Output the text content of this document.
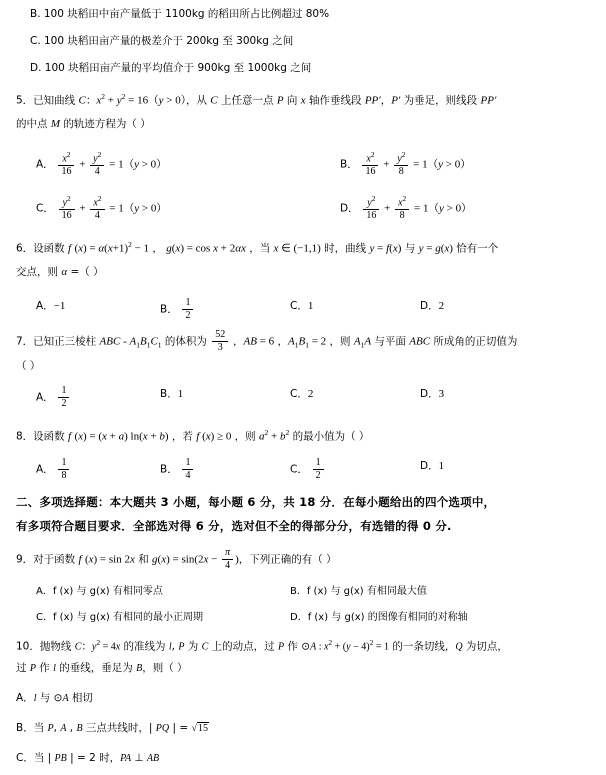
B. 100 块稻田中亩产量低于 1100kg 的稻田所占比例超过 80%
C. 100 块稻田亩产量的极差介于 200kg 至 300kg 之间
D. 100 块稻田亩产量的平均值介于 900kg 至 1000kg 之间
5．已知曲线 C：$x^2 + y^2 = 16(y > 0)$，从 C 上任意一点 P 向 x 轴作垂线段 PP′，P′ 为垂足，则线段 PP′
的中点 M 的轨迹方程为（ ）
A． $\frac{x^2}{16} + \frac{y^2}{4} = 1(y > 0)$	B． $\frac{x^2}{16} + \frac{y^2}{8} = 1(y > 0)$
C． $\frac{y^2}{16} + \frac{x^2}{4} = 1(y > 0)$	D． $\frac{y^2}{16} + \frac{x^2}{8} = 1(y > 0)$
6．设函数 f $(x) = \alpha(x+1)^2 - 1$ ， g(x) = cos x + 2αx ，当 x ∈ (−1,1) 时，曲线 y = f(x) 与 y = g(x) 恰有一个
交点，则 α =（ ）
A．−1	B． $\frac{1}{2}$	C．1	D．2
7．已知正三棱柱 ABC - $A_1B_1C_1$ 的体积为 $\frac{52}{3}$ ，AB = 6 ，$A_1B_1 = 2$ ，则 $A_1A$ 与平面 ABC 所成角的正切值为
（ ）
A． $\frac{1}{2}$	B．1	C．2	D．3
8．设函数 f (x) = (x + a) ln(x + b) ，若 f (x) ≥ 0 ，则 $a^2 + b^2$ 的最小值为（ ）
A． $\frac{1}{8}$	B． $\frac{1}{4}$	C． $\frac{1}{2}$	D．1
二、多项选择题：本大题共 3 小题，每小题 6 分，共 18 分．在每小题给出的四个选项中，
有多项符合题目要求．全部选对得 6 分，选对但不全的得部分分，有选错的得 0 分.
9．对于函数 f (x) = sin 2x 和 $g(x) = \sin(2x - \frac{\pi}{4}$ )，下列正确的有（ ）
A．f (x) 与 g(x) 有相同零点	B．f (x) 与 g(x) 有相同最大值
C．f (x) 与 g(x) 有相同的最小正周期	D．f (x) 与 g(x) 的图像有相同的对称轴
10．抛物线 C：$y^2 = 4x$ 的准线为 l, P 为 C 上的动点，过 P 作 ⊙A : $x^2 + (y - 4)^2 = 1$ 的一条切线，Q 为切点，
过 P 作 l 的垂线，垂足为 B，则（ ）
A．l 与 ⊙A 相切
B．当 P, A , B 三点共线时，| PQ | = √15
C．当 | PB | = 2 时，PA ⊥ AB
